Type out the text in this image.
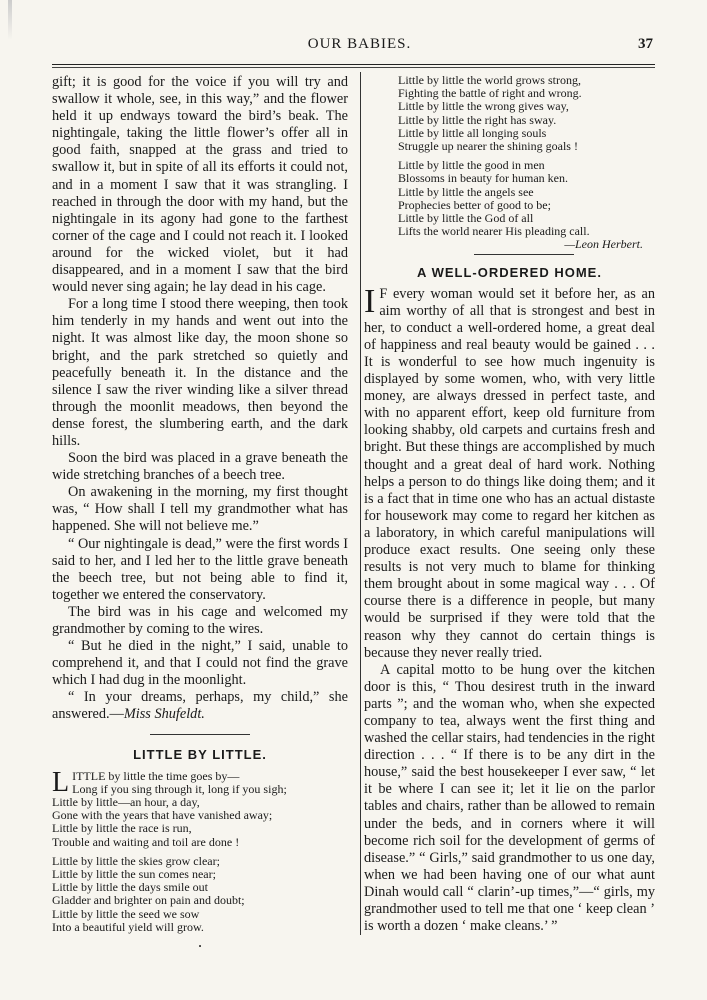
OUR BABIES.	37

gift; it is good for the voice if you will try and swallow it whole, see, in this way,” and the flower held it up endways toward the bird’s beak. The nightingale, taking the little flower’s offer all in good faith, snapped at the grass and tried to swallow it, but in spite of all its efforts it could not, and in a moment I saw that it was strangling. I reached in through the door with my hand, but the nightingale in its agony had gone to the farthest corner of the cage and I could not reach it. I looked around for the wicked violet, but it had disappeared, and in a moment I saw that the bird would never sing again; he lay dead in his cage.

For a long time I stood there weeping, then took him tenderly in my hands and went out into the night. It was almost like day, the moon shone so bright, and the park stretched so quietly and peacefully beneath it. In the distance and the silence I saw the river winding like a silver thread through the moonlit meadows, then beyond the dense forest, the slumbering earth, and the dark hills.

Soon the bird was placed in a grave beneath the wide stretching branches of a beech tree.

On awakening in the morning, my first thought was, “ How shall I tell my grandmother what has happened. She will not believe me.”

“ Our nightingale is dead,” were the first words I said to her, and I led her to the little grave beneath the beech tree, but not being able to find it, together we entered the conservatory.

The bird was in his cage and welcomed my grandmother by coming to the wires.

“ But he died in the night,” I said, unable to comprehend it, and that I could not find the grave which I had dug in the moonlight.

“ In your dreams, perhaps, my child,” she answered.—Miss Shufeldt.

LITTLE BY LITTLE.
L ITTLE by little the time goes by—
Long if you sing through it, long if you sigh;
Little by little—an hour, a day,
Gone with the years that have vanished away;
Little by little the race is run,
Trouble and waiting and toil are done !
Little by little the skies grow clear;
Little by little the sun comes near;
Little by little the days smile out
Gladder and brighter on pain and doubt;
Little by little the seed we sow
Into a beautiful yield will grow.
•
Little by little the world grows strong,
Fighting the battle of right and wrong.
Little by little the wrong gives way,
Little by little the right has sway.
Little by little all longing souls
Struggle up nearer the shining goals !
Little by little the good in men
Blossoms in beauty for human ken.
Little by little the angels see
Prophecies better of good to be;
Little by little the God of all
Lifts the world nearer His pleading call.
—Leon Herbert.
A WELL-ORDERED HOME.

I F every woman would set it before her, as an aim worthy of all that is strongest and best in her, to conduct a well-ordered home, a great deal of happiness and real beauty would be gained . . . It is wonderful to see how much ingenuity is displayed by some women, who, with very little money, are always dressed in perfect taste, and with no apparent effort, keep old furniture from looking shabby, old carpets and curtains fresh and bright. But these things are accomplished by much thought and a great deal of hard work. Nothing helps a person to do things like doing them; and it is a fact that in time one who has an actual distaste for housework may come to regard her kitchen as a laboratory, in which careful manipulations will produce exact results. One seeing only these results is not very much to blame for thinking them brought about in some magical way . . . Of course there is a difference in people, but many would be surprised if they were told that the reason why they cannot do certain things is because they never really tried.

A capital motto to be hung over the kitchen door is this, “ Thou desirest truth in the inward parts ”; and the woman who, when she expected company to tea, always went the first thing and washed the cellar stairs, had tendencies in the right direction . . . “ If there is to be any dirt in the house,” said the best housekeeper I ever saw, “ let it be where I can see it; let it lie on the parlor tables and chairs, rather than be allowed to remain under the beds, and in corners where it will become rich soil for the development of germs of disease.” “ Girls,” said grandmother to us one day, when we had been having one of our what aunt Dinah would call “ clarin’-up times,”—“ girls, my grandmother used to tell me that one ‘ keep clean ’ is worth a dozen ‘ make cleans.’ ”
